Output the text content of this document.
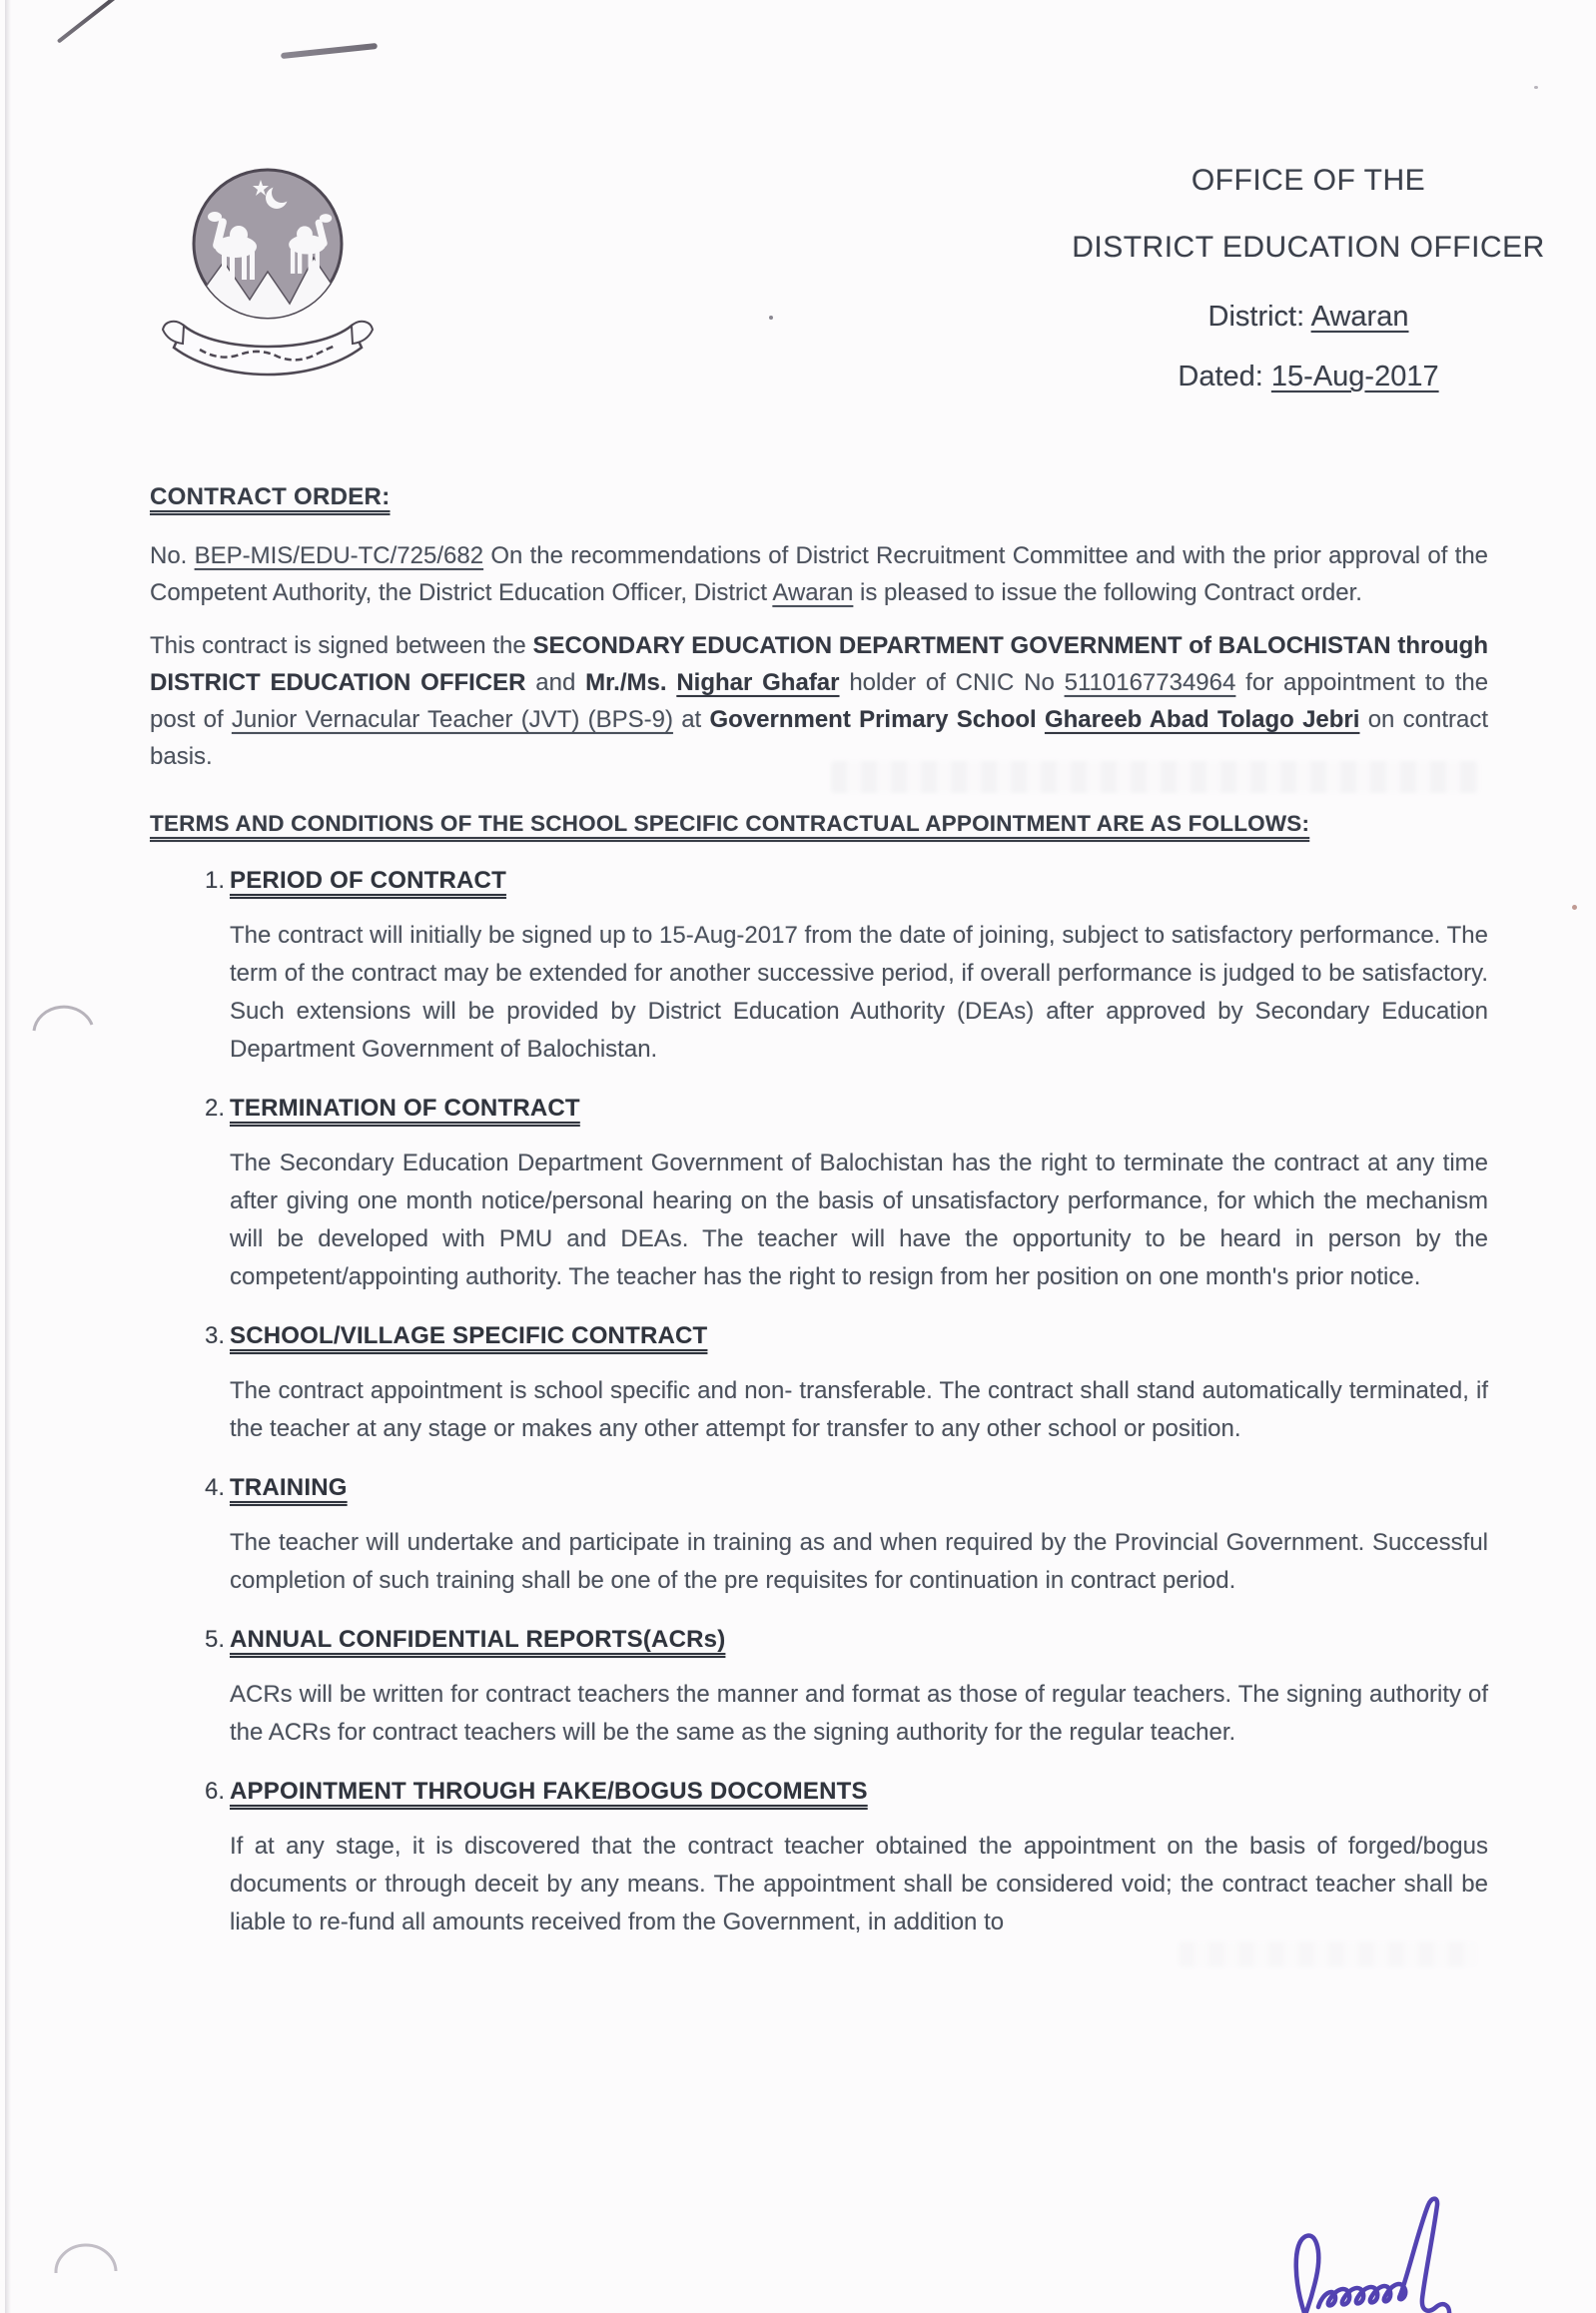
OFFICE OF THE
DISTRICT EDUCATION OFFICER
District: Awaran
Dated: 15-Aug-2017
CONTRACT ORDER:

No. BEP-MIS/EDU-TC/725/682 On the recommendations of District Recruitment Committee and with the prior approval of the Competent Authority, the District Education Officer, District Awaran is pleased to issue the following Contract order.

This contract is signed between the SECONDARY EDUCATION DEPARTMENT GOVERNMENT of BALOCHISTAN through DISTRICT EDUCATION OFFICER and Mr./Ms. Nighar Ghafar holder of CNIC No 5110167734964 for appointment to the post of Junior Vernacular Teacher (JVT) (BPS-9) at Government Primary School Ghareeb Abad Tolago Jebri on contract basis.

TERMS AND CONDITIONS OF THE SCHOOL SPECIFIC CONTRACTUAL APPOINTMENT ARE AS FOLLOWS:
1. PERIOD OF CONTRACT

The contract will initially be signed up to 15-Aug-2017 from the date of joining, subject to satisfactory performance. The term of the contract may be extended for another successive period, if overall performance is judged to be satisfactory. Such extensions will be provided by District Education Authority (DEAs) after approved by Secondary Education Department Government of Balochistan.

2. TERMINATION OF CONTRACT

The Secondary Education Department Government of Balochistan has the right to terminate the contract at any time after giving one month notice/personal hearing on the basis of unsatisfactory performance, for which the mechanism will be developed with PMU and DEAs. The teacher will have the opportunity to be heard in person by the competent/appointing authority. The teacher has the right to resign from her position on one month's prior notice.

3. SCHOOL/VILLAGE SPECIFIC CONTRACT

The contract appointment is school specific and non- transferable. The contract shall stand automatically terminated, if the teacher at any stage or makes any other attempt for transfer to any other school or position.

4. TRAINING

The teacher will undertake and participate in training as and when required by the Provincial Government. Successful completion of such training shall be one of the pre requisites for continuation in contract period.

5. ANNUAL CONFIDENTIAL REPORTS(ACRs)

ACRs will be written for contract teachers the manner and format as those of regular teachers. The signing authority of the ACRs for contract teachers will be the same as the signing authority for the regular teacher.

6. APPOINTMENT THROUGH FAKE/BOGUS DOCOMENTS

If at any stage, it is discovered that the contract teacher obtained the appointment on the basis of forged/bogus documents or through deceit by any means. The appointment shall be considered void; the contract teacher shall be liable to re-fund all amounts received from the Government, in addition to
